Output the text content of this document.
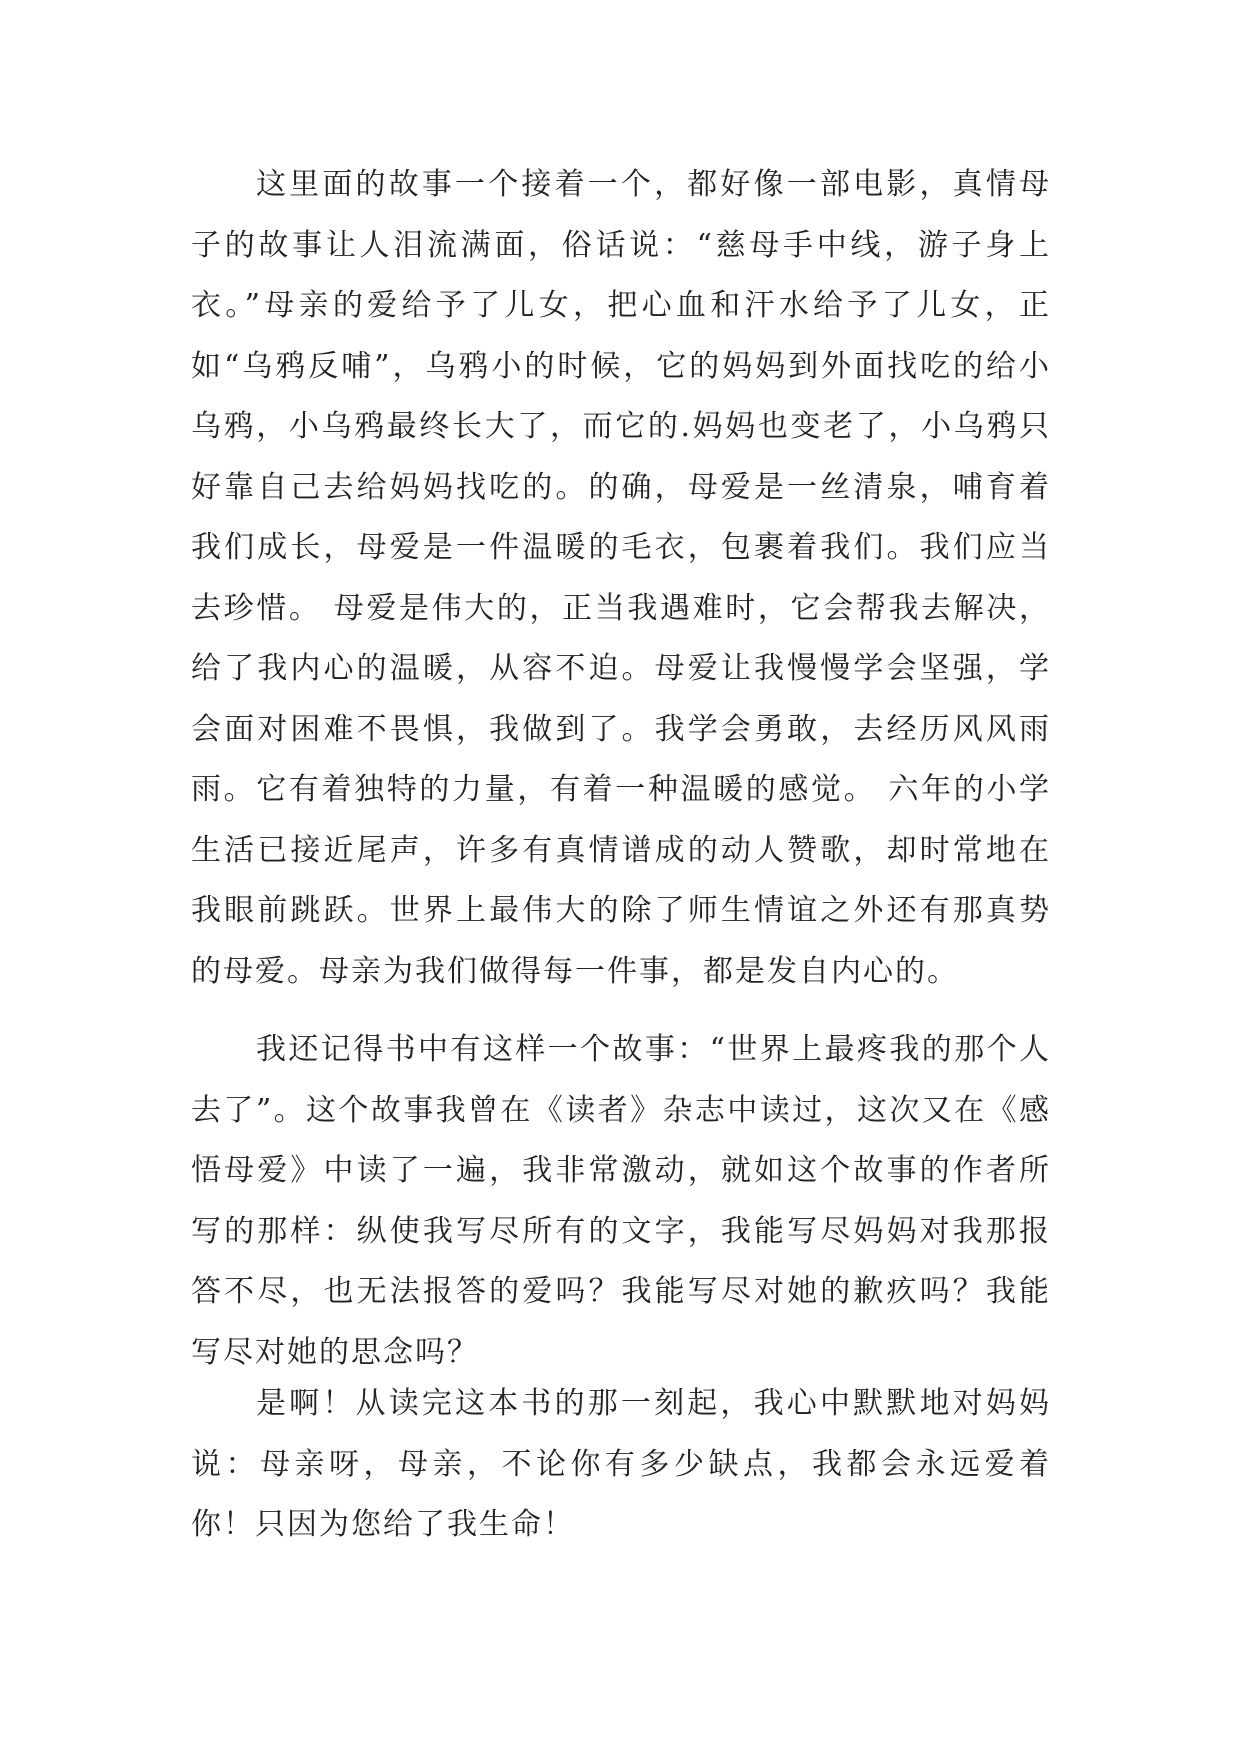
这里面的故事一个接着一个，都好像一部电影，真情母子的故事让人泪流满面，俗话说：“慈母手中线，游子身上衣。”母亲的爱给予了儿女，把心血和汗水给予了儿女，正如“乌鸦反哺”，乌鸦小的时候，它的妈妈到外面找吃的给小乌鸦，小乌鸦最终长大了，而它的.妈妈也变老了，小乌鸦只好靠自己去给妈妈找吃的。的确，母爱是一丝清泉，哺育着我们成长，母爱是一件温暖的毛衣，包裹着我们。我们应当去珍惜。 母爱是伟大的，正当我遇难时，它会帮我去解决，给了我内心的温暖，从容不迫。母爱让我慢慢学会坚强，学会面对困难不畏惧，我做到了。我学会勇敢，去经历风风雨雨。它有着独特的力量，有着一种温暖的感觉。 六年的小学生活已接近尾声，许多有真情谱成的动人赞歌，却时常地在我眼前跳跃。世界上最伟大的除了师生情谊之外还有那真势的母爱。母亲为我们做得每一件事，都是发自内心的。

我还记得书中有这样一个故事：“世界上最疼我的那个人去了”。这个故事我曾在《读者》杂志中读过，这次又在《感悟母爱》中读了一遍，我非常激动，就如这个故事的作者所写的那样：纵使我写尽所有的文字，我能写尽妈妈对我那报答不尽，也无法报答的爱吗？我能写尽对她的歉疚吗？我能写尽对她的思念吗？

是啊！从读完这本书的那一刻起，我心中默默地对妈妈说：母亲呀，母亲，不论你有多少缺点，我都会永远爱着你！只因为您给了我生命！
